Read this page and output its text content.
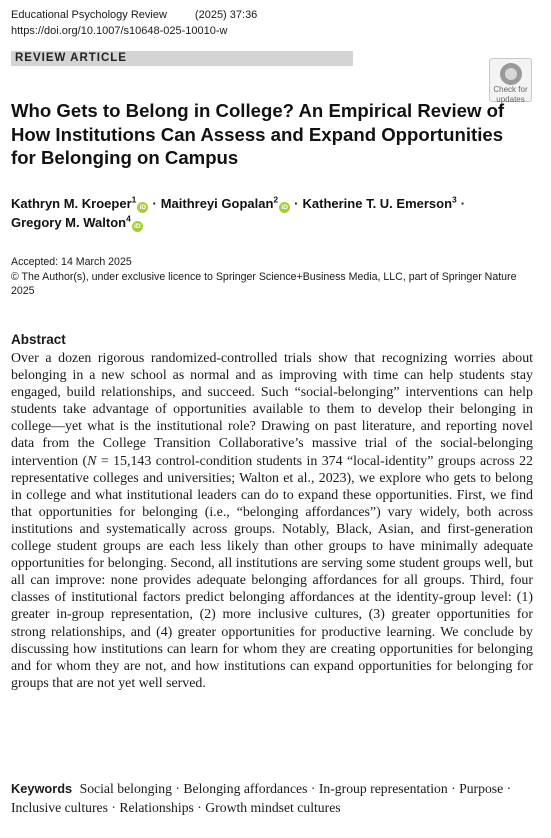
Educational Psychology Review	(2025) 37:36
https://doi.org/10.1007/s10648-025-10010-w
REVIEW ARTICLE
Check for
updates
Who Gets to Belong in College? An Empirical Review of How Institutions Can Assess and Expand Opportunities for Belonging on Campus
Kathryn M. Kroeper$^1$iD · Maithreyi Gopalan$^2$iD · Katherine T. U. Emerson$^3$ ·
Gregory M. Walton$^4$iD
Accepted: 14 March 2025
© The Author(s), under exclusive licence to Springer Science+Business Media, LLC, part of Springer Nature 2025
Abstract

Over a dozen rigorous randomized-controlled trials show that recognizing worries about belonging in a new school as normal and as improving with time can help students stay engaged, build relationships, and succeed. Such “social-belonging” interventions can help students take advantage of opportunities available to them to develop their belonging in college—yet what is the institutional role? Drawing on past literature, and reporting novel data from the College Transition Collaborative’s massive trial of the social-belonging intervention (N = 15,143 control-condition students in 374 “local-identity” groups across 22 representative colleges and universities; Walton et al., 2023), we explore who gets to belong in college and what institutional leaders can do to expand these opportunities. First, we find that opportunities for belonging (i.e., “belonging affordances”) vary widely, both across institutions and systematically across groups. Notably, Black, Asian, and first-generation college student groups are each less likely than other groups to have minimally adequate opportunities for belonging. Second, all institutions are serving some student groups well, but all can improve: none provides adequate belonging affordances for all groups. Third, four classes of institutional factors predict belonging affordances at the identity-group level: (1) greater in-group representation, (2) more inclusive cultures, (3) greater opportunities for strong relationships, and (4) greater opportunities for productive learning. We conclude by discussing how institutions can learn for whom they are creating opportunities for belonging and for whom they are not, and how institutions can expand opportunities for belonging for groups that are not yet well served.

Keywords Social belonging · Belonging affordances · In-group representation · Purpose · Inclusive cultures · Relationships · Growth mindset cultures
